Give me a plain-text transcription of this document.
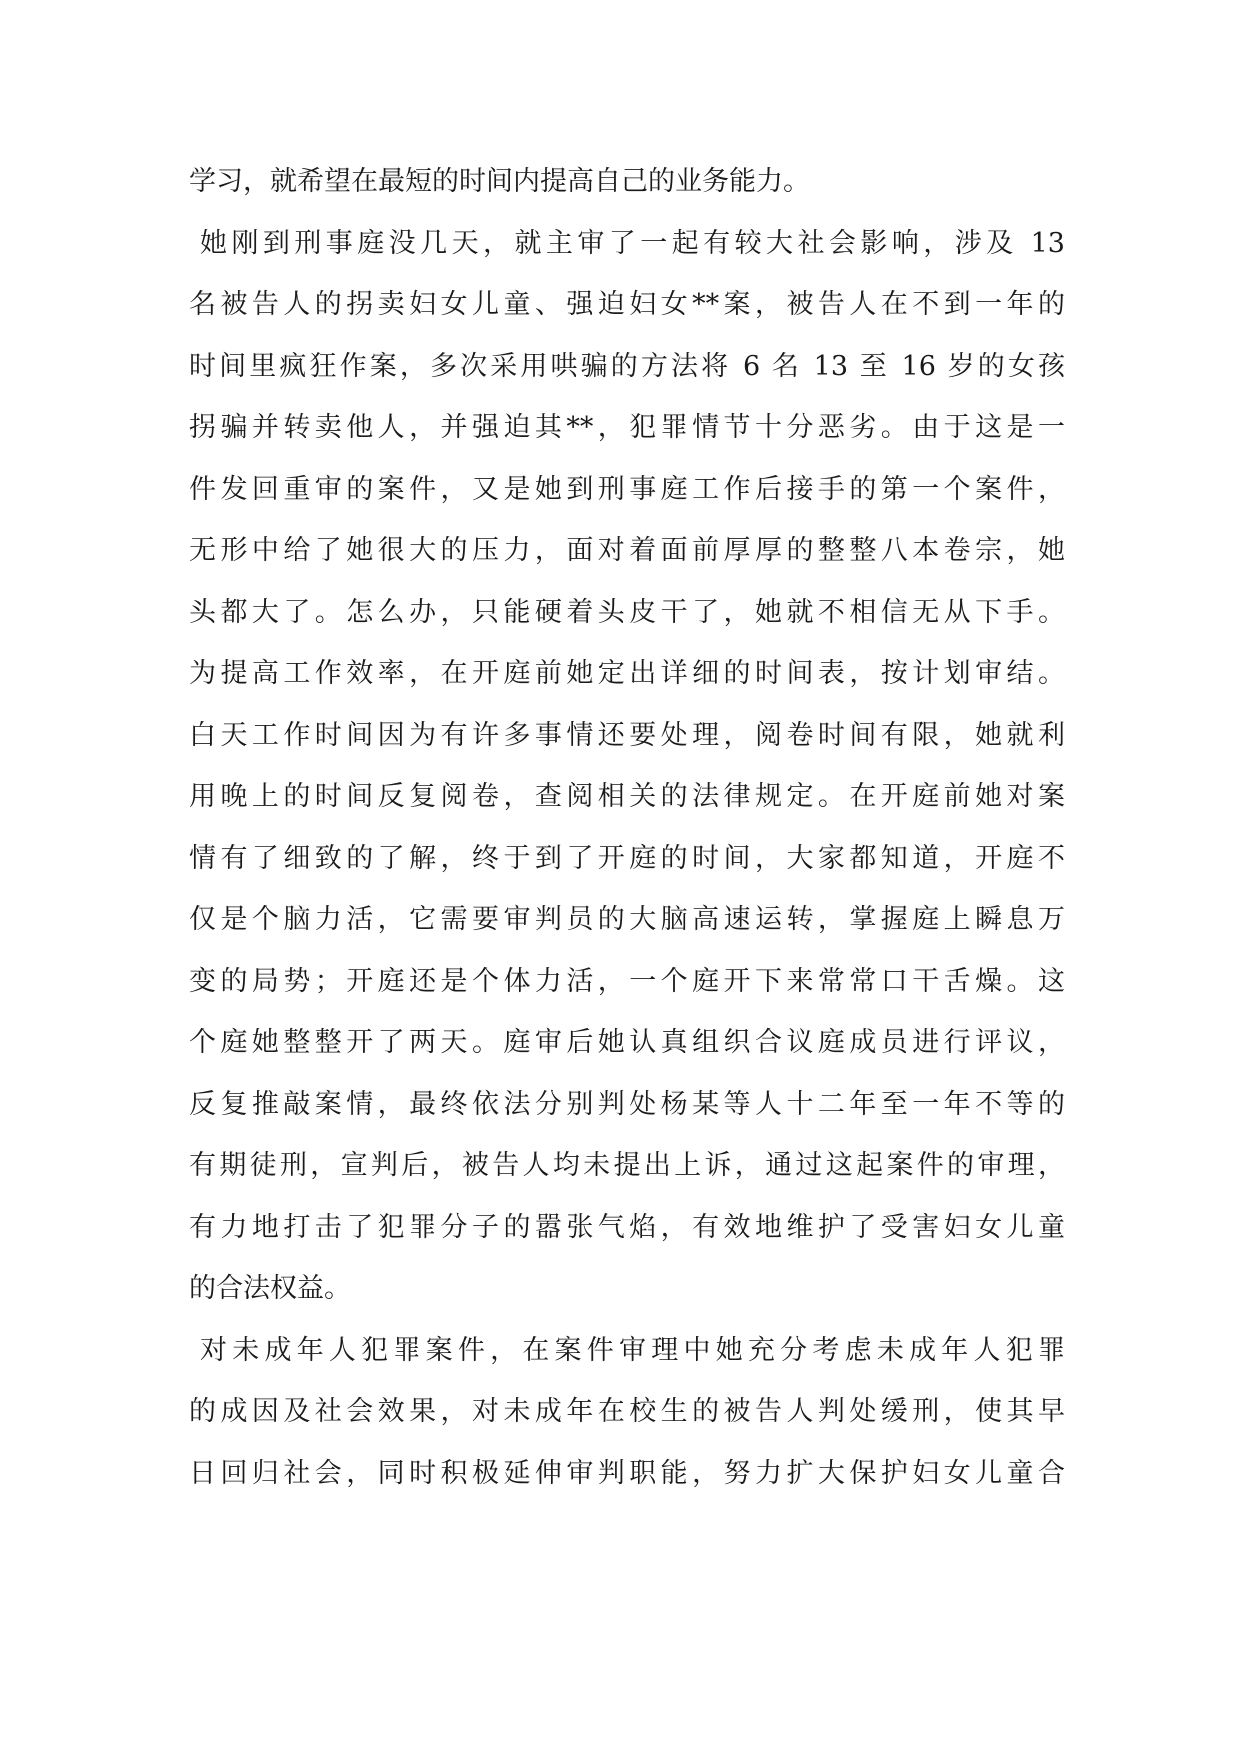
学习，就希望在最短的时间内提高自己的业务能力。
她刚到刑事庭没几天，就主审了一起有较大社会影响，涉及 13
名被告人的拐卖妇女儿童、强迫妇女**案，被告人在不到一年的
时间里疯狂作案，多次采用哄骗的方法将 6 名 13 至 16 岁的女孩
拐骗并转卖他人，并强迫其**，犯罪情节十分恶劣。由于这是一
件发回重审的案件，又是她到刑事庭工作后接手的第一个案件，
无形中给了她很大的压力，面对着面前厚厚的整整八本卷宗，她
头都大了。怎么办，只能硬着头皮干了，她就不相信无从下手。
为提高工作效率，在开庭前她定出详细的时间表，按计划审结。
白天工作时间因为有许多事情还要处理，阅卷时间有限，她就利
用晚上的时间反复阅卷，查阅相关的法律规定。在开庭前她对案
情有了细致的了解，终于到了开庭的时间，大家都知道，开庭不
仅是个脑力活，它需要审判员的大脑高速运转，掌握庭上瞬息万
变的局势；开庭还是个体力活，一个庭开下来常常口干舌燥。这
个庭她整整开了两天。庭审后她认真组织合议庭成员进行评议，
反复推敲案情，最终依法分别判处杨某等人十二年至一年不等的
有期徒刑，宣判后，被告人均未提出上诉，通过这起案件的审理，
有力地打击了犯罪分子的嚣张气焰，有效地维护了受害妇女儿童
的合法权益。
对未成年人犯罪案件，在案件审理中她充分考虑未成年人犯罪
的成因及社会效果，对未成年在校生的被告人判处缓刑，使其早
日回归社会，同时积极延伸审判职能，努力扩大保护妇女儿童合
